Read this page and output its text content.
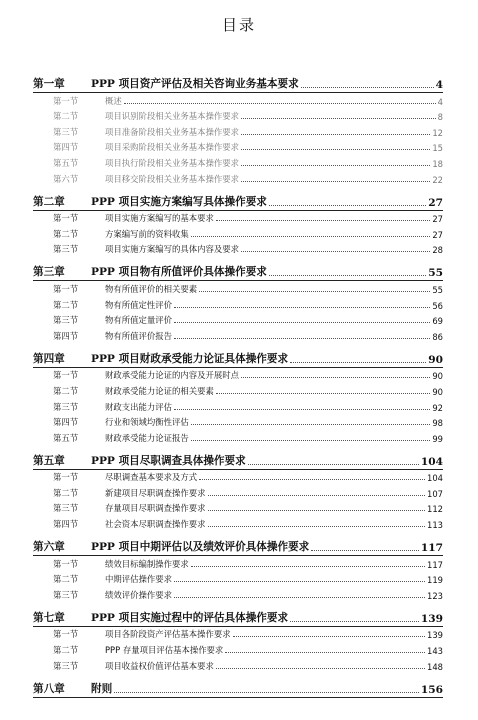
目录
第一章	PPP 项目资产评估及相关咨询业务基本要求	4
第一节	概述	4
第二节	项目识别阶段相关业务基本操作要求	8
第三节	项目准备阶段相关业务基本操作要求	12
第四节	项目采购阶段相关业务基本操作要求	15
第五节	项目执行阶段相关业务基本操作要求	18
第六节	项目移交阶段相关业务基本操作要求	22
第二章	PPP 项目实施方案编写具体操作要求	27
第一节	项目实施方案编写的基本要求	27
第二节	方案编写前的资料收集	27
第三节	项目实施方案编写的具体内容及要求	28
第三章	PPP 项目物有所值评价具体操作要求	55
第一节	物有所值评价的相关要素	55
第二节	物有所值定性评价	56
第三节	物有所值定量评价	69
第四节	物有所值评价报告	86
第四章	PPP 项目财政承受能力论证具体操作要求	90
第一节	财政承受能力论证的内容及开展时点	90
第二节	财政承受能力论证的相关要素	90
第三节	财政支出能力评估	92
第四节	行业和领域均衡性评估	98
第五节	财政承受能力论证报告	99
第五章	PPP 项目尽职调查具体操作要求	104
第一节	尽职调查基本要求及方式	104
第二节	新建项目尽职调查操作要求	107
第三节	存量项目尽职调查操作要求	112
第四节	社会资本尽职调查操作要求	113
第六章	PPP 项目中期评估以及绩效评价具体操作要求	117
第一节	绩效目标编制操作要求	117
第二节	中期评估操作要求	119
第三节	绩效评价操作要求	123
第七章	PPP 项目实施过程中的评估具体操作要求	139
第一节	项目各阶段资产评估基本操作要求	139
第二节	PPP 存量项目评估基本操作要求	143
第三节	项目收益权价值评估基本要求	148
第八章	附则	156
